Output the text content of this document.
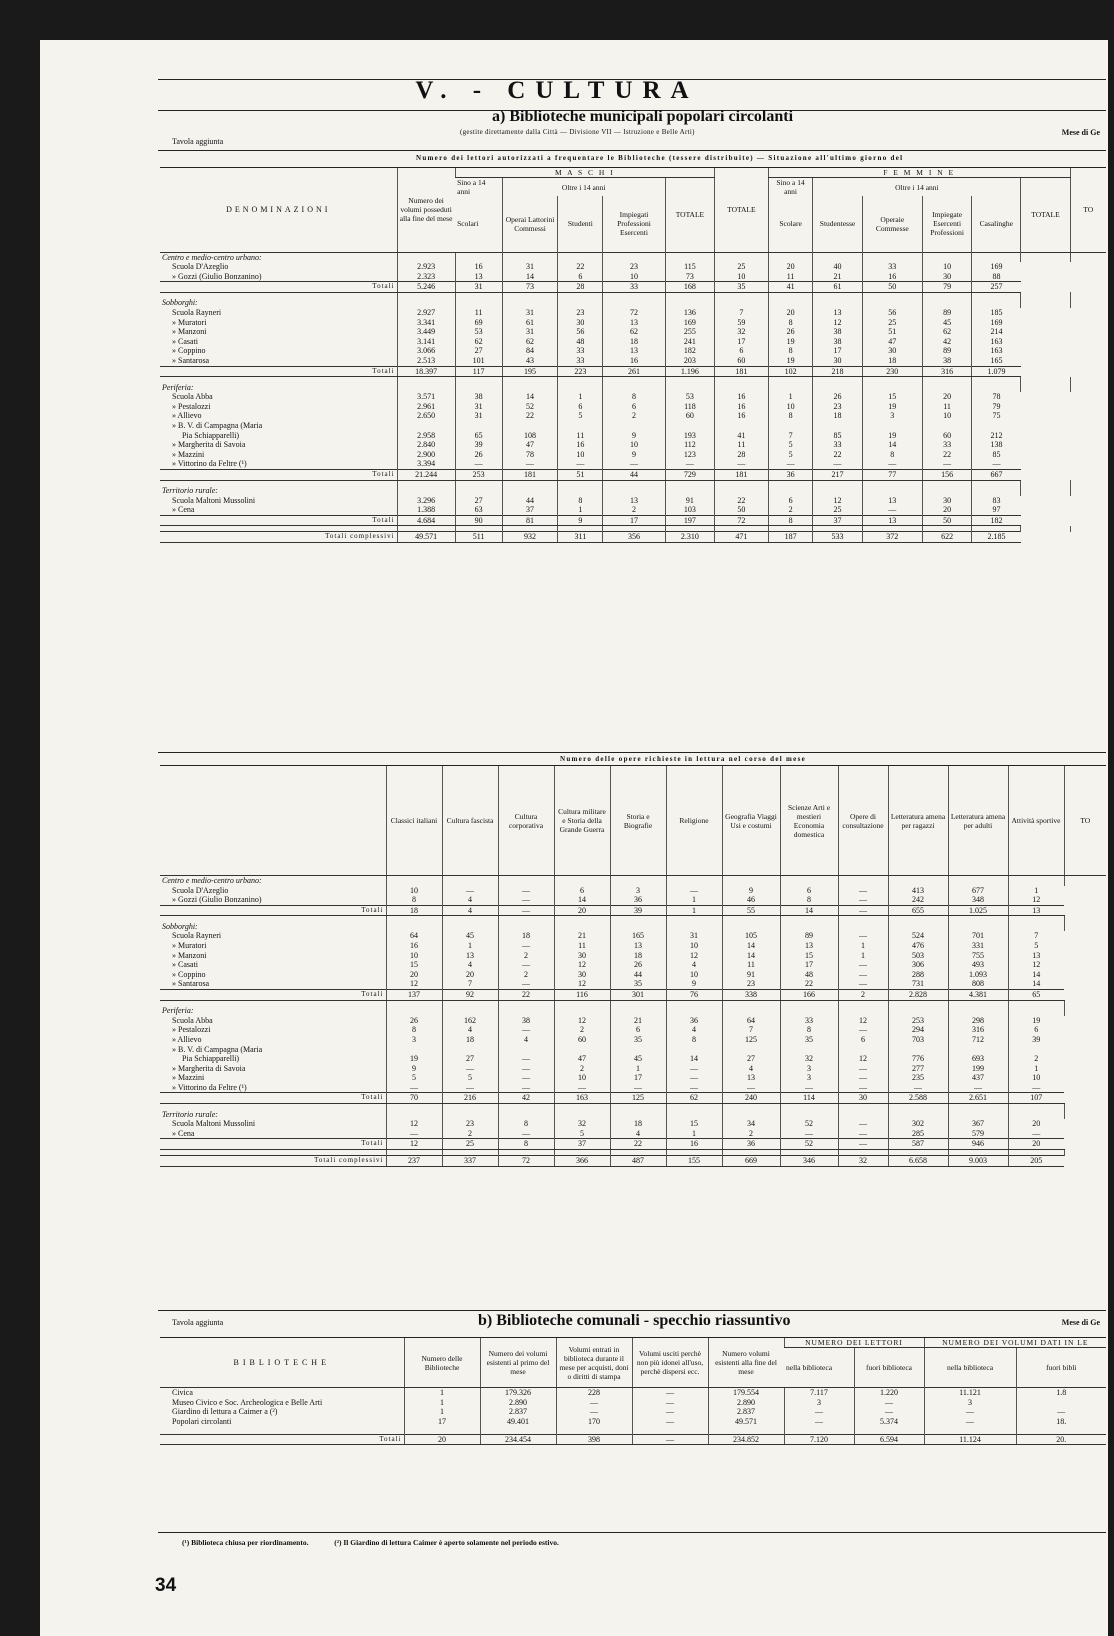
V. - CULTURA
a) Biblioteche municipali popolari circolanti
(gestite direttamente dalla Città — Divisione VII — Istruzione e Belle Arti)
Tavola aggiunta
Mese di Ge
Numero dei lettori autorizzati a frequentare le Biblioteche (tessere distribuite) — Situazione all'ultimo giorno del
DENOMINAZIONI	Numero dei volumi posseduti alla fine del mese	M A S C H I					TOTALE	F E M M I N E						TO
		Sino a 14 anni	Oltre i 14 anni			TOTALE		Sino a 14 anni	Oltre i 14 anni				TOTALE	
		Scolari	Operai Lattorini Commessi	Studenti	Impiegati Professioni Esercenti			Scolare	Studentesse	Operaie Commesse	Impiegate Esercenti Professioni	Casalinghe		
Centro e medio-centro urbano:														
Scuola D'Azeglio	2.923	16	31	22	23	115	25	20	40	33	10	169		
» Gozzi (Giulio Bonzanino)	2.323	13	14	6	10	73	10	11	21	16	30	88		
Totali	5.246	31	73	28	33	168	35	41	61	50	79	257		

Sobborghi:														
Scuola Rayneri	2.927	11	31	23	72	136	7	20	13	56	89	185		
» Muratori	3.341	69	61	30	13	169	59	8	12	25	45	169		
» Manzoni	3.449	53	31	56	62	255	32	26	38	51	62	214		
» Casati	3.141	62	62	48	18	241	17	19	38	47	42	163		
» Coppino	3.066	27	84	33	13	182	6	8	17	30	89	163		
» Santarosa	2.513	101	43	33	16	203	60	19	30	18	38	165		
Totali	18.397	117	195	223	261	1.196	181	102	218	230	316	1.079		

Periferia:														
Scuola Abba	3.571	38	14	1	8	53	16	1	26	15	20	78		
» Pestalozzi	2.961	31	52	6	6	118	16	10	23	19	11	79		
» Allievo	2.650	31	22	5	2	60	16	8	18	3	10	75		
» B. V. di Campagna (Maria														
Pia Schiapparelli)	2.958	65	108	11	9	193	41	7	85	19	60	212		
» Margherita di Savoia	2.840	39	47	16	10	112	11	5	33	14	33	138		
» Mazzini	2.900	26	78	10	9	123	28	5	22	8	22	85		
» Vittorino da Feltre (¹)	3.394	—	—	—	—	—	—	—	—	—	—	—		
Totali	21.244	253	181	51	44	729	181	36	217	77	156	667		

Territorio rurale:														
Scuola Maltoni Mussolini	3.296	27	44	8	13	91	22	6	12	13	30	83		
» Cena	1.388	63	37	1	2	103	50	2	25	—	20	97		
Totali	4.684	90	81	9	17	197	72	8	37	13	50	182		

Totali complessivi	49.571	511	932	311	356	2.310	471	187	533	372	622	2.185		
Numero delle opere richieste in lettura nel corso del mese
	Classici italiani	Cultura fascista	Cultura corporativa	Cultura militare e Storia della Grande Guerra	Storia e Biografie	Religione	Geografia Viaggi Usi e costumi	Scienze Arti e mestieri Economia domestica	Opere di consultazione	Letteratura amena per ragazzi	Letteratura amena per adulti	Attività sportive	TO
Centro e medio-centro urbano:													
Scuola D'Azeglio	10	—	—	6	3	—	9	6	—	413	677	1	
» Gozzi (Giulio Bonzanino)	8	4	—	14	36	1	46	8	—	242	348	12	
Totali	18	4	—	20	39	1	55	14	—	655	1.025	13	

Sobborghi:													
Scuola Rayneri	64	45	18	21	165	31	105	89	—	524	701	7	
» Muratori	16	1	—	11	13	10	14	13	1	476	331	5	
» Manzoni	10	13	2	30	18	12	14	15	1	503	755	13	
» Casati	15	4	—	12	26	4	11	17	—	306	493	12	
» Coppino	20	20	2	30	44	10	91	48	—	288	1.093	14	
» Santarosa	12	7	—	12	35	9	23	22	—	731	808	14	
Totali	137	92	22	116	301	76	338	166	2	2.828	4.381	65	

Periferia:													
Scuola Abba	26	162	38	12	21	36	64	33	12	253	298	19	
» Pestalozzi	8	4	—	2	6	4	7	8	—	294	316	6	
» Allievo	3	18	4	60	35	8	125	35	6	703	712	39	
» B. V. di Campagna (Maria													
Pia Schiapparelli)	19	27	—	47	45	14	27	32	12	776	693	2	
» Margherita di Savoia	9	—	—	2	1	—	4	3	—	277	199	1	
» Mazzini	5	5	—	10	17	—	13	3	—	235	437	10	
» Vittorino da Feltre (¹)	—	—	—	—	—	—	—	—	—	—	—	—	
Totali	70	216	42	163	125	62	240	114	30	2.588	2.651	107	

Territorio rurale:													
Scuola Maltoni Mussolini	12	23	8	32	18	15	34	52	—	302	367	20	
» Cena	—	2	—	5	4	1	2	—	—	285	579	—	
Totali	12	25	8	37	22	16	36	52	—	587	946	20	

Totali complessivi	237	337	72	366	487	155	669	346	32	6.658	9.003	205	
Tavola aggiunta	b) Biblioteche comunali - specchio riassuntivo	Mese di Ge
BIBLIOTECHE	Numero delle Biblioteche	Numero dei volumi esistenti al primo del mese	Volumi entrati in biblioteca durante il mese per acquisti, doni o diritti di stampa	Volumi usciti perchè non più idonei all'uso, perchè dispersi ecc.	Numero volumi esistenti alla fine del mese	NUMERO DEI LETTORI		NUMERO DEI VOLUMI DATI IN LE	
						nella biblioteca	fuori biblioteca	nella biblioteca	fuori bibli
Civica	1	179.326	228	—	179.554	7.117	1.220	11.121	1.8
Museo Civico e Soc. Archeologica e Belle Arti	1	2.890	—	—	2.890	3	—	3	
Giardino di lettura a Caimer a (²)	1	2.837	—	—	2.837	—	—	—	—
Popolari circolanti	17	49.401	170	—	49.571	—	5.374	—	18.

Totali	20	234.454	398	—	234.852	7.120	6.594	11.124	20.
(¹) Biblioteca chiusa per riordinamento.	(²) Il Giardino di lettura Caimer è aperto solamente nel periodo estivo.
34
